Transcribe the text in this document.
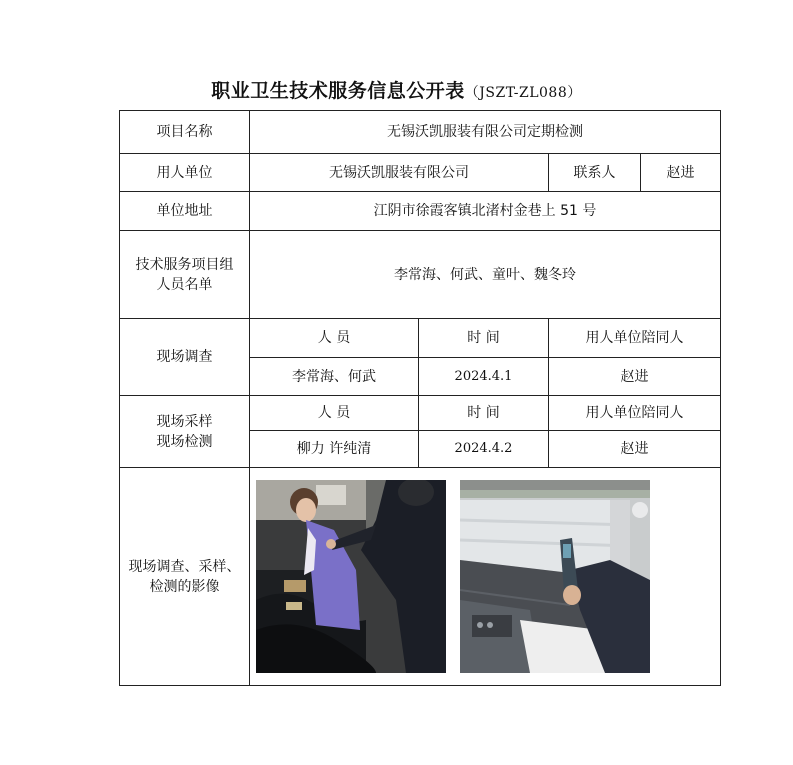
职业卫生技术服务信息公开表（JSZT-ZL088）
项目名称	无锡沃凯服装有限公司定期检测			
用人单位	无锡沃凯服装有限公司		联系人	赵进
单位地址	江阴市徐霞客镇北渚村金巷上 51 号			

技术服务项目组
人员名单	李常海、何武、童叶、魏冬玲			
现场调查	人 员	时 间	用人单位陪同人	
	李常海、何武	2024.4.1	赵进	

现场采样
现场检测	人 员	时 间	用人单位陪同人	
	柳力 许纯清	2024.4.2	赵进	

现场调查、采样、
检测的影像
